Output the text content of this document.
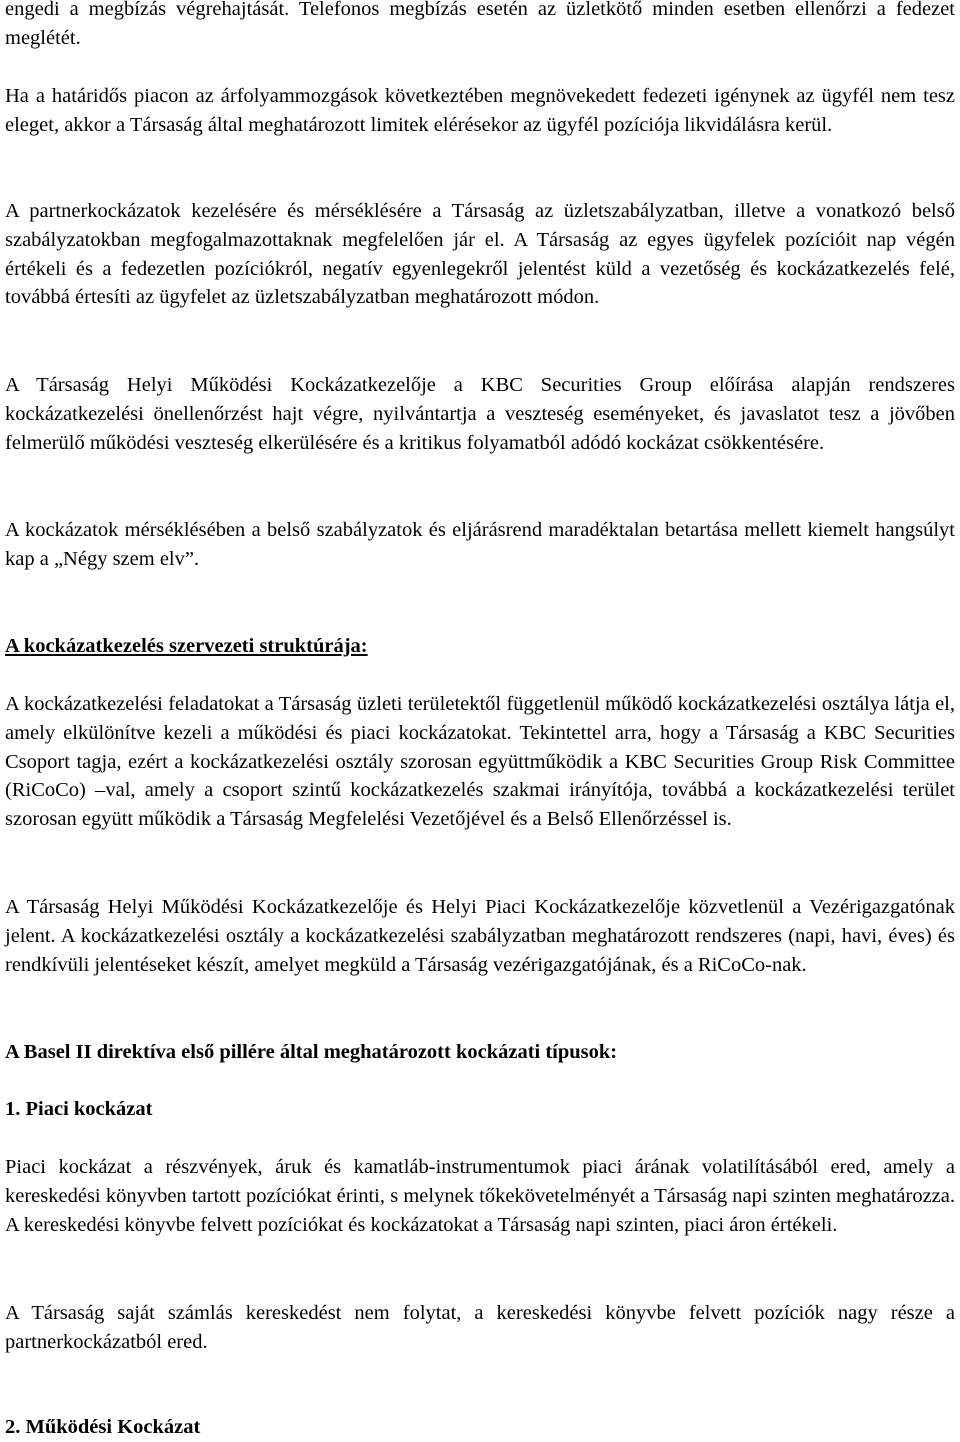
engedi a megbízás végrehajtását. Telefonos megbízás esetén az üzletkötő minden esetben ellenőrzi a fedezet meglétét.

Ha a határidős piacon az árfolyammozgások következtében megnövekedett fedezeti igénynek az ügyfél nem tesz eleget, akkor a Társaság által meghatározott limitek elérésekor az ügyfél pozíciója likvidálásra kerül.

A partnerkockázatok kezelésére és mérséklésére a Társaság az üzletszabályzatban, illetve a vonatkozó belső szabályzatokban megfogalmazottaknak megfelelően jár el. A Társaság az egyes ügyfelek pozícióit nap végén értékeli és a fedezetlen pozíciókról, negatív egyenlegekről jelentést küld a vezetőség és kockázatkezelés felé, továbbá értesíti az ügyfelet az üzletszabályzatban meghatározott módon.

A Társaság Helyi Működési Kockázatkezelője a KBC Securities Group előírása alapján rendszeres kockázatkezelési önellenőrzést hajt végre, nyilvántartja a veszteség eseményeket, és javaslatot tesz a jövőben felmerülő működési veszteség elkerülésére és a kritikus folyamatból adódó kockázat csökkentésére.

A kockázatok mérséklésében a belső szabályzatok és eljárásrend maradéktalan betartása mellett kiemelt hangsúlyt kap a „Négy szem elv”.

A kockázatkezelés szervezeti struktúrája:

A kockázatkezelési feladatokat a Társaság üzleti területektől függetlenül működő kockázatkezelési osztálya látja el, amely elkülönítve kezeli a működési és piaci kockázatokat. Tekintettel arra, hogy a Társaság a KBC Securities Csoport tagja, ezért a kockázatkezelési osztály szorosan együttműködik a KBC Securities Group Risk Committee (RiCoCo) –val, amely a csoport szintű kockázatkezelés szakmai irányítója, továbbá a kockázatkezelési terület szorosan együtt működik a Társaság Megfelelési Vezetőjével és a Belső Ellenőrzéssel is.

A Társaság Helyi Működési Kockázatkezelője és Helyi Piaci Kockázatkezelője közvetlenül a Vezérigazgatónak jelent. A kockázatkezelési osztály a kockázatkezelési szabályzatban meghatározott rendszeres (napi, havi, éves) és rendkívüli jelentéseket készít, amelyet megküld a Társaság vezérigazgatójának, és a RiCoCo-nak.

A Basel II direktíva első pillére által meghatározott kockázati típusok:

1. Piaci kockázat

Piaci kockázat a részvények, áruk és kamatláb-instrumentumok piaci árának volatilításából ered, amely a kereskedési könyvben tartott pozíciókat érinti, s melynek tőkekövetelményét a Társaság napi szinten meghatározza. A kereskedési könyvbe felvett pozíciókat és kockázatokat a Társaság napi szinten, piaci áron értékeli.

A Társaság saját számlás kereskedést nem folytat, a kereskedési könyvbe felvett pozíciók nagy része a partnerkockázatból ered.

2. Működési Kockázat
